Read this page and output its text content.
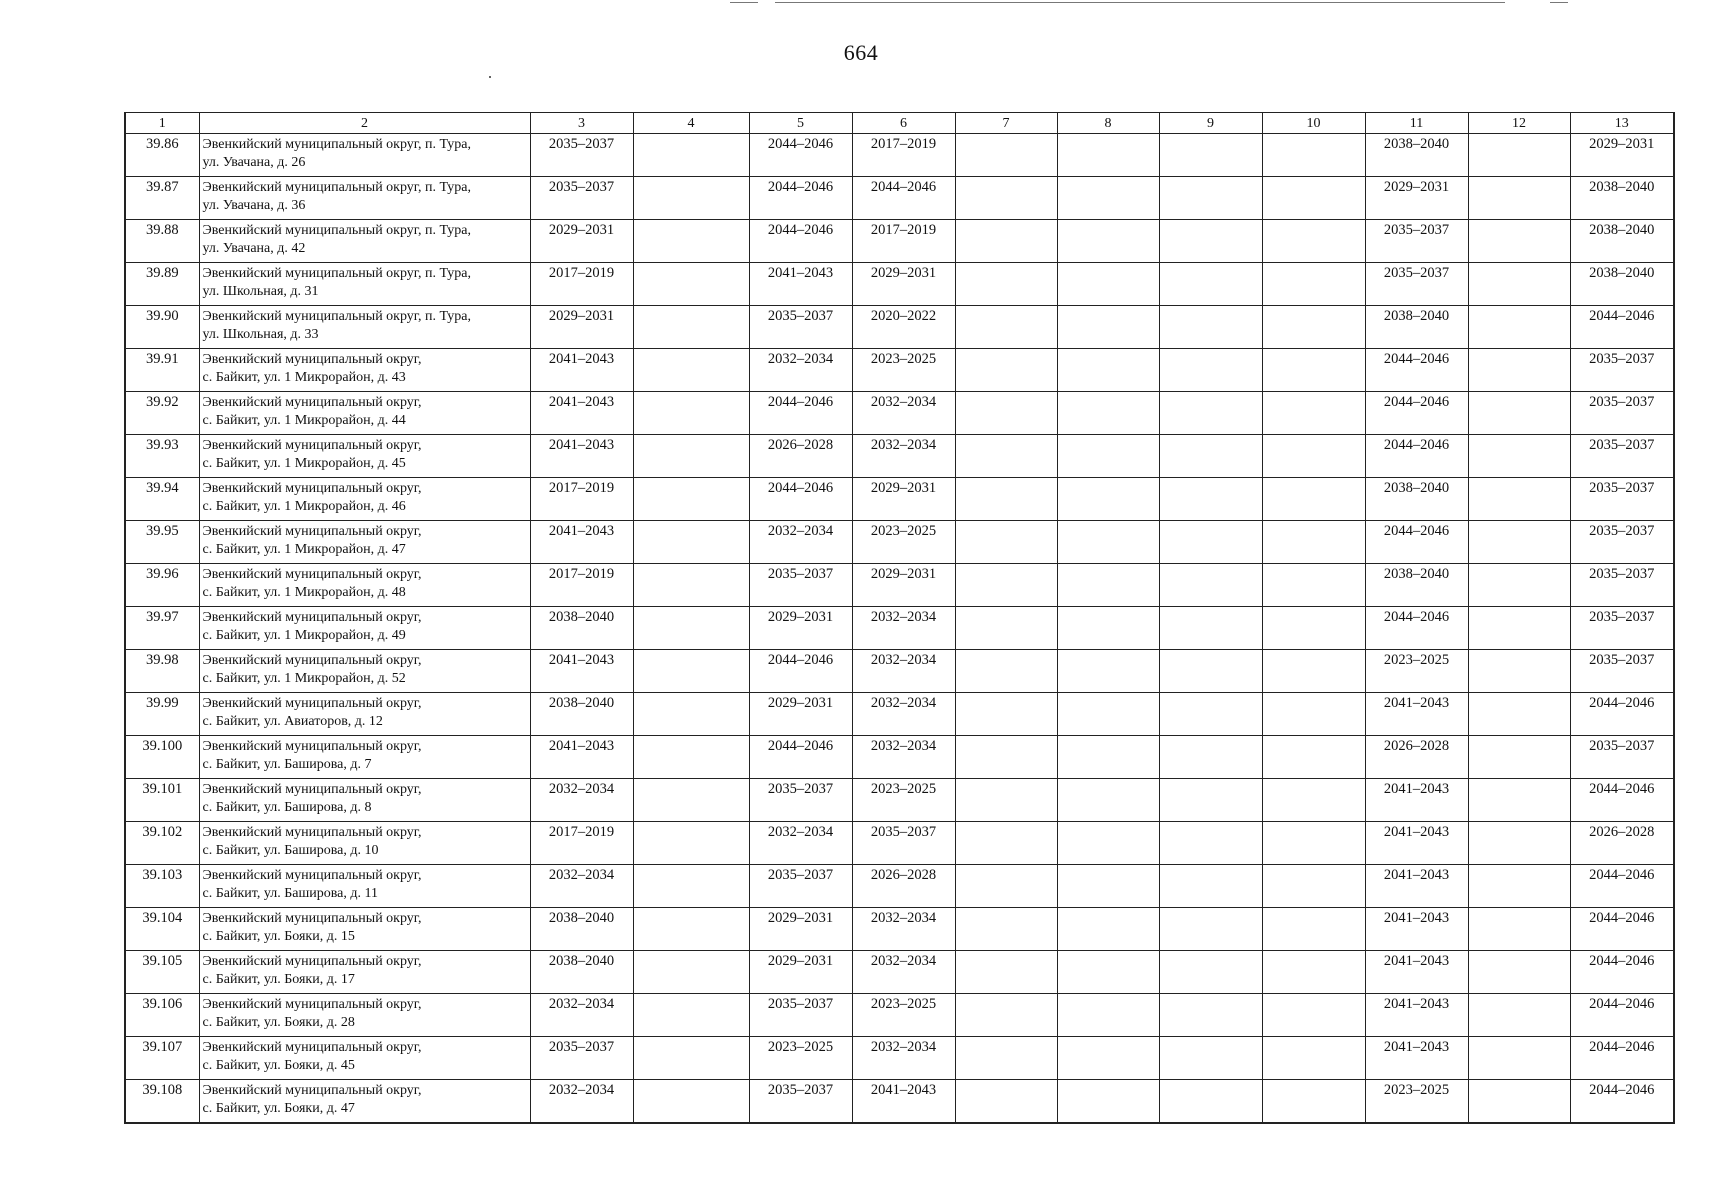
664
1	2	3	4	5	6	7	8	9	10	11	12	13
39.86	Эвенкийский муниципальный округ, п. Тура,
ул. Увачана, д. 26	2035–2037		2044–2046	2017–2019					2038–2040		2029–2031
39.87	Эвенкийский муниципальный округ, п. Тура,
ул. Увачана, д. 36	2035–2037		2044–2046	2044–2046					2029–2031		2038–2040
39.88	Эвенкийский муниципальный округ, п. Тура,
ул. Увачана, д. 42	2029–2031		2044–2046	2017–2019					2035–2037		2038–2040
39.89	Эвенкийский муниципальный округ, п. Тура,
ул. Школьная, д. 31	2017–2019		2041–2043	2029–2031					2035–2037		2038–2040
39.90	Эвенкийский муниципальный округ, п. Тура,
ул. Школьная, д. 33	2029–2031		2035–2037	2020–2022					2038–2040		2044–2046
39.91	Эвенкийский муниципальный округ,
с. Байкит, ул. 1 Микрорайон, д. 43	2041–2043		2032–2034	2023–2025					2044–2046		2035–2037
39.92	Эвенкийский муниципальный округ,
с. Байкит, ул. 1 Микрорайон, д. 44	2041–2043		2044–2046	2032–2034					2044–2046		2035–2037
39.93	Эвенкийский муниципальный округ,
с. Байкит, ул. 1 Микрорайон, д. 45	2041–2043		2026–2028	2032–2034					2044–2046		2035–2037
39.94	Эвенкийский муниципальный округ,
с. Байкит, ул. 1 Микрорайон, д. 46	2017–2019		2044–2046	2029–2031					2038–2040		2035–2037
39.95	Эвенкийский муниципальный округ,
с. Байкит, ул. 1 Микрорайон, д. 47	2041–2043		2032–2034	2023–2025					2044–2046		2035–2037
39.96	Эвенкийский муниципальный округ,
с. Байкит, ул. 1 Микрорайон, д. 48	2017–2019		2035–2037	2029–2031					2038–2040		2035–2037
39.97	Эвенкийский муниципальный округ,
с. Байкит, ул. 1 Микрорайон, д. 49	2038–2040		2029–2031	2032–2034					2044–2046		2035–2037
39.98	Эвенкийский муниципальный округ,
с. Байкит, ул. 1 Микрорайон, д. 52	2041–2043		2044–2046	2032–2034					2023–2025		2035–2037
39.99	Эвенкийский муниципальный округ,
с. Байкит, ул. Авиаторов, д. 12	2038–2040		2029–2031	2032–2034					2041–2043		2044–2046
39.100	Эвенкийский муниципальный округ,
с. Байкит, ул. Баширова, д. 7	2041–2043		2044–2046	2032–2034					2026–2028		2035–2037
39.101	Эвенкийский муниципальный округ,
с. Байкит, ул. Баширова, д. 8	2032–2034		2035–2037	2023–2025					2041–2043		2044–2046
39.102	Эвенкийский муниципальный округ,
с. Байкит, ул. Баширова, д. 10	2017–2019		2032–2034	2035–2037					2041–2043		2026–2028
39.103	Эвенкийский муниципальный округ,
с. Байкит, ул. Баширова, д. 11	2032–2034		2035–2037	2026–2028					2041–2043		2044–2046
39.104	Эвенкийский муниципальный округ,
с. Байкит, ул. Бояки, д. 15	2038–2040		2029–2031	2032–2034					2041–2043		2044–2046
39.105	Эвенкийский муниципальный округ,
с. Байкит, ул. Бояки, д. 17	2038–2040		2029–2031	2032–2034					2041–2043		2044–2046
39.106	Эвенкийский муниципальный округ,
с. Байкит, ул. Бояки, д. 28	2032–2034		2035–2037	2023–2025					2041–2043		2044–2046
39.107	Эвенкийский муниципальный округ,
с. Байкит, ул. Бояки, д. 45	2035–2037		2023–2025	2032–2034					2041–2043		2044–2046
39.108	Эвенкийский муниципальный округ,
с. Байкит, ул. Бояки, д. 47	2032–2034		2035–2037	2041–2043					2023–2025		2044–2046
